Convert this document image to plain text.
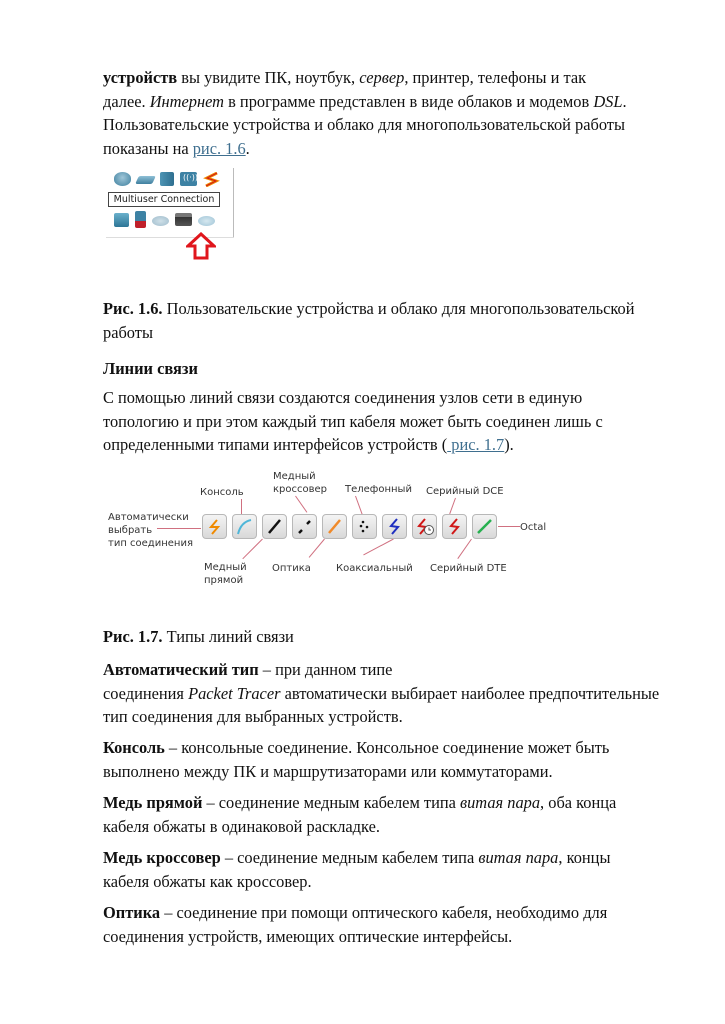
устройств вы увидите ПК, ноутбук, сервер, принтер, телефоны и так
далее. Интернет в программе представлен в виде облаков и модемов DSL.
Пользовательские устройства и облако для многопользовательской работы
показаны на рис. 1.6.

((·))
Multiuser Connection

Рис. 1.6. Пользовательские устройства и облако для многопользовательской работы

Линии связи

С помощью линий связи создаются соединения узлов сети в единую топологию и при этом каждый тип кабеля может быть соединен лишь с определенными типами интерфейсов устройств ( рис. 1.7).

Консоль
Медный
кроссовер Телефонный Серийный DCE
Автоматически
выбрать
тип соединения
Медный
прямой
Оптика	Коаксиальный Серийный DTE
Octal

Рис. 1.7. Типы линий связи

Автоматический тип – при данном типе
соединения Packet Tracer автоматически выбирает наиболее предпочтительные тип соединения для выбранных устройств.

Консоль – консольные соединение. Консольное соединение может быть выполнено между ПК и маршрутизаторами или коммутаторами.

Медь прямой – соединение медным кабелем типа витая пара, оба конца кабеля обжаты в одинаковой раскладке.

Медь кроссовер – соединение медным кабелем типа витая пара, концы кабеля обжаты как кроссовер.

Оптика – соединение при помощи оптического кабеля, необходимо для соединения устройств, имеющих оптические интерфейсы.
